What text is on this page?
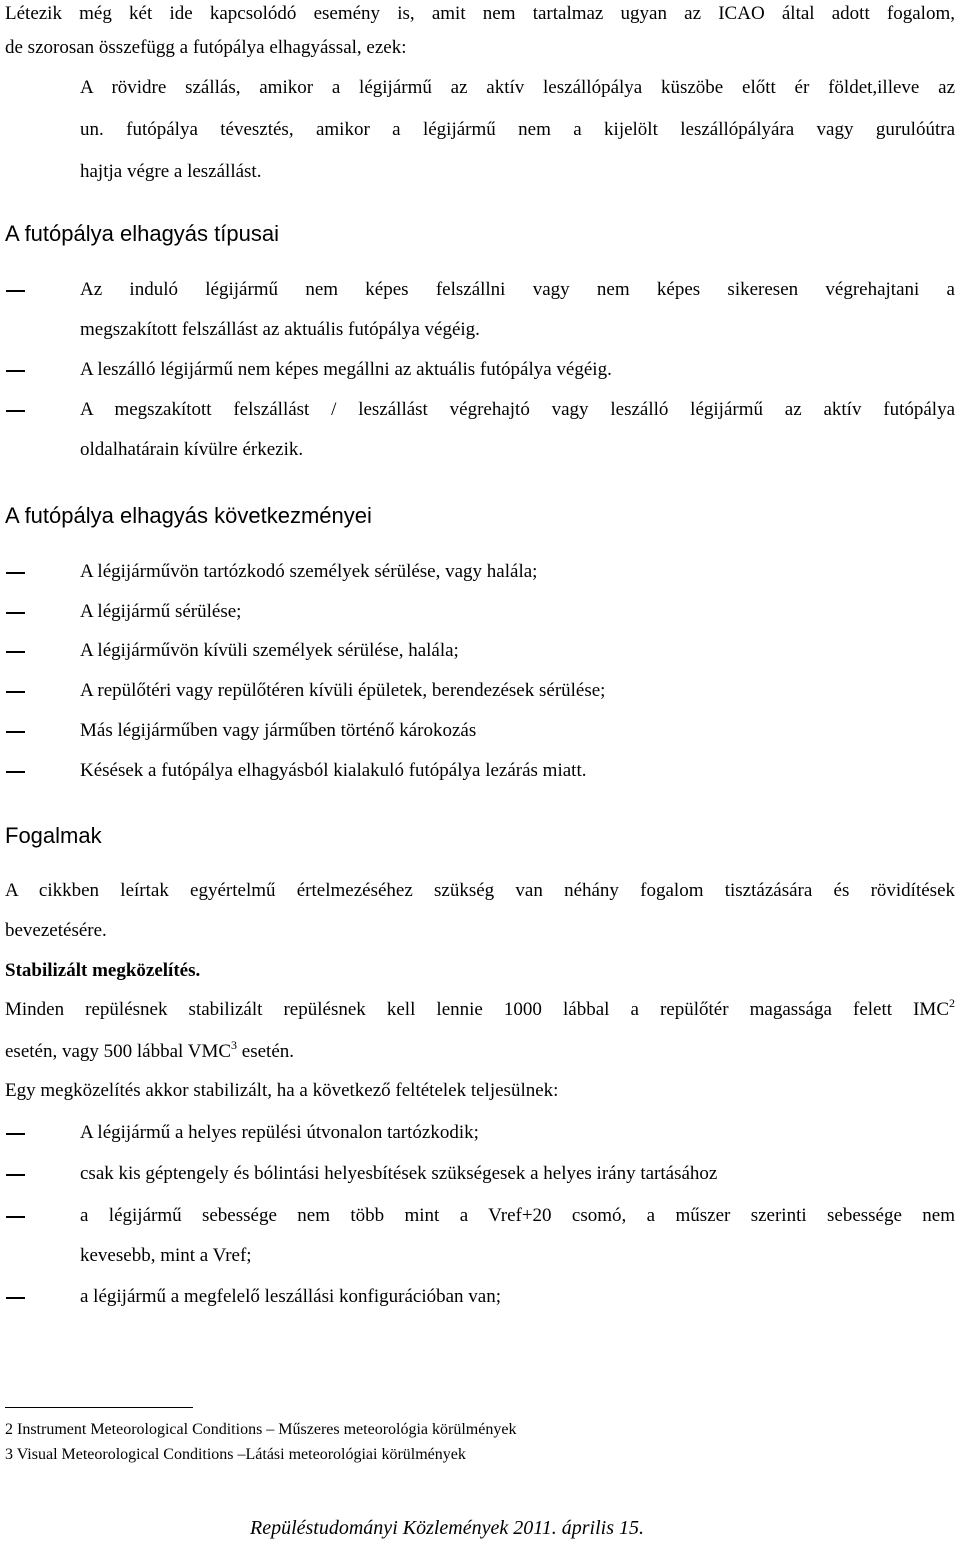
Létezik még két ide kapcsolódó esemény is, amit nem tartalmaz ugyan az ICAO által adott fogalom,
de szorosan összefügg a futópálya elhagyással, ezek:
A rövidre szállás, amikor a légijármű az aktív leszállópálya küszöbe előtt ér földet,illeve az
un. futópálya tévesztés, amikor a légijármű nem a kijelölt leszállópályára vagy gurulóútra
hajtja végre a leszállást.
A futópálya elhagyás típusai
Az induló légijármű nem képes felszállni vagy nem képes sikeresen végrehajtani a
megszakított felszállást az aktuális futópálya végéig.
A leszálló légijármű nem képes megállni az aktuális futópálya végéig.
A megszakított felszállást / leszállást végrehajtó vagy leszálló légijármű az aktív futópálya
oldalhatárain kívülre érkezik.
A futópálya elhagyás következményei
A légijárművön tartózkodó személyek sérülése, vagy halála;
A légijármű sérülése;
A légijárművön kívüli személyek sérülése, halála;
A repülőtéri vagy repülőtéren kívüli épületek, berendezések sérülése;
Más légijárműben vagy járműben történő károkozás
Késések a futópálya elhagyásból kialakuló futópálya lezárás miatt.
Fogalmak
A cikkben leírtak egyértelmű értelmezéséhez szükség van néhány fogalom tisztázására és rövidítések
bevezetésére.
Stabilizált megközelítés.
Minden repülésnek stabilizált repülésnek kell lennie 1000 lábbal a repülőtér magassága felett IMC$^2$
esetén, vagy 500 lábbal VMC$^3$ esetén.
Egy megközelítés akkor stabilizált, ha a következő feltételek teljesülnek:
A légijármű a helyes repülési útvonalon tartózkodik;
csak kis géptengely és bólintási helyesbítések szükségesek a helyes irány tartásához
a légijármű sebessége nem több mint a Vref+20 csomó, a műszer szerinti sebessége nem
kevesebb, mint a Vref;
a légijármű a megfelelő leszállási konfigurációban van;
2 Instrument Meteorological Conditions – Műszeres meteorológia körülmények
3 Visual Meteorological Conditions –Látási meteorológiai körülmények
Repüléstudományi Közlemények 2011. április 15.
